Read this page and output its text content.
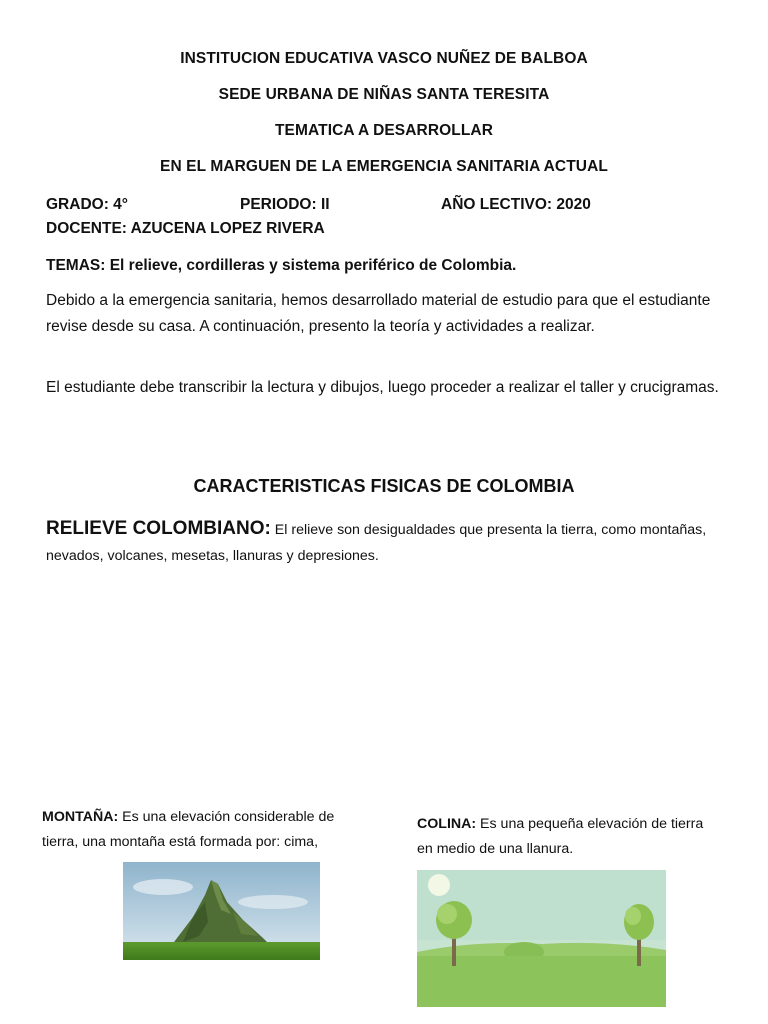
INSTITUCION EDUCATIVA VASCO NUÑEZ DE BALBOA
SEDE URBANA DE NIÑAS SANTA TERESITA
TEMATICA A DESARROLLAR
EN EL MARGUEN DE LA EMERGENCIA SANITARIA ACTUAL
GRADO: 4°	PERIODO: II	AÑO LECTIVO: 2020
DOCENTE: AZUCENA LOPEZ RIVERA
TEMAS: El relieve, cordilleras y sistema periférico de Colombia.
Debido a la emergencia sanitaria, hemos desarrollado material de estudio para que el estudiante revise desde su casa. A continuación, presento la teoría y actividades a realizar.
El estudiante debe transcribir la lectura y dibujos, luego proceder a realizar el taller y crucigramas.
CARACTERISTICAS FISICAS DE COLOMBIA
RELIEVE COLOMBIANO: El relieve son desigualdades que presenta la tierra, como montañas, nevados, volcanes, mesetas, llanuras y depresiones.
MONTAÑA: Es una elevación considerable de tierra, una montaña está formada por: cima,
COLINA: Es una pequeña elevación de tierra en medio de una llanura.
